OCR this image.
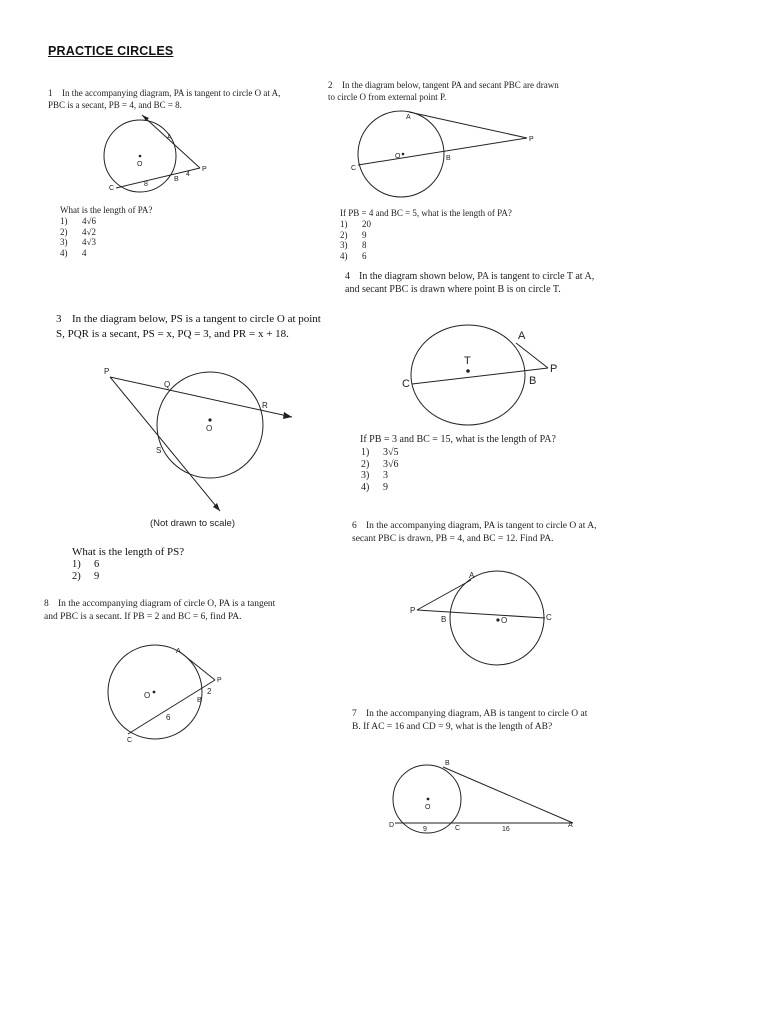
PRACTICE CIRCLES
1 In the accompanying diagram, PA is tangent to circle O at A, PBC is a secant, PB = 4, and BC = 8.
A
O
P
B
C
4
8
What is the length of PA?
1) 4√6
2) 4√2
3) 4√3
4) 4
2 In the diagram below, tangent PA and secant PBC are drawn to circle O from external point P.
A
O
P
B
C
If PB = 4 and BC = 5, what is the length of PA?
1) 20
2) 9
3) 8
4) 6
4 In the diagram shown below, PA is tangent to circle T at A, and secant PBC is drawn where point B is on circle T.
A
T
P
B
C
If PB = 3 and BC = 15, what is the length of PA?
1) 3√5
2) 3√6
3) 3
4) 9
3 In the diagram below, PS is a tangent to circle O at point S, PQR is a secant, PS = x, PQ = 3, and PR = x + 18.
P
Q
R
S
O
(Not drawn to scale)
What is the length of PS?
1) 6
2) 9
6 In the accompanying diagram, PA is tangent to circle O at A, secant PBC is drawn, PB = 4, and BC = 12. Find PA.
A
P
B	O	C
8 In the accompanying diagram of circle O, PA is a tangent and PBC is a secant. If PB = 2 and BC = 6, find PA.
A
O
P
B
C
2
6	7 In the accompanying diagram, AB is tangent to circle O at B. If AC = 16 and CD = 9, what is the length of AB?
B
O
D	C	A
9	16
